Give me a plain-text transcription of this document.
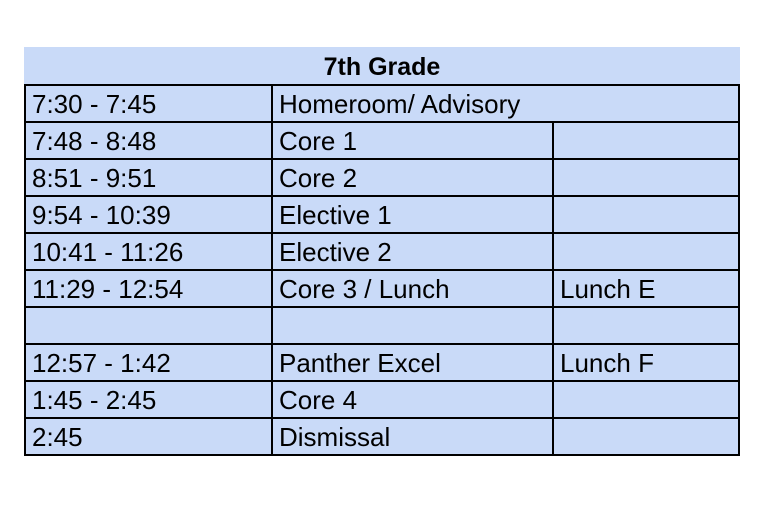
7th Grade
7:30 - 7:45	Homeroom/ Advisory
7:48 - 8:48	Core 1
8:51 - 9:51	Core 2
9:54 - 10:39	Elective 1
10:41 - 11:26	Elective 2
11:29 - 12:54	Core 3 / Lunch	Lunch E
12:57 - 1:42	Panther Excel	Lunch F
1:45 - 2:45	Core 4
2:45	Dismissal
